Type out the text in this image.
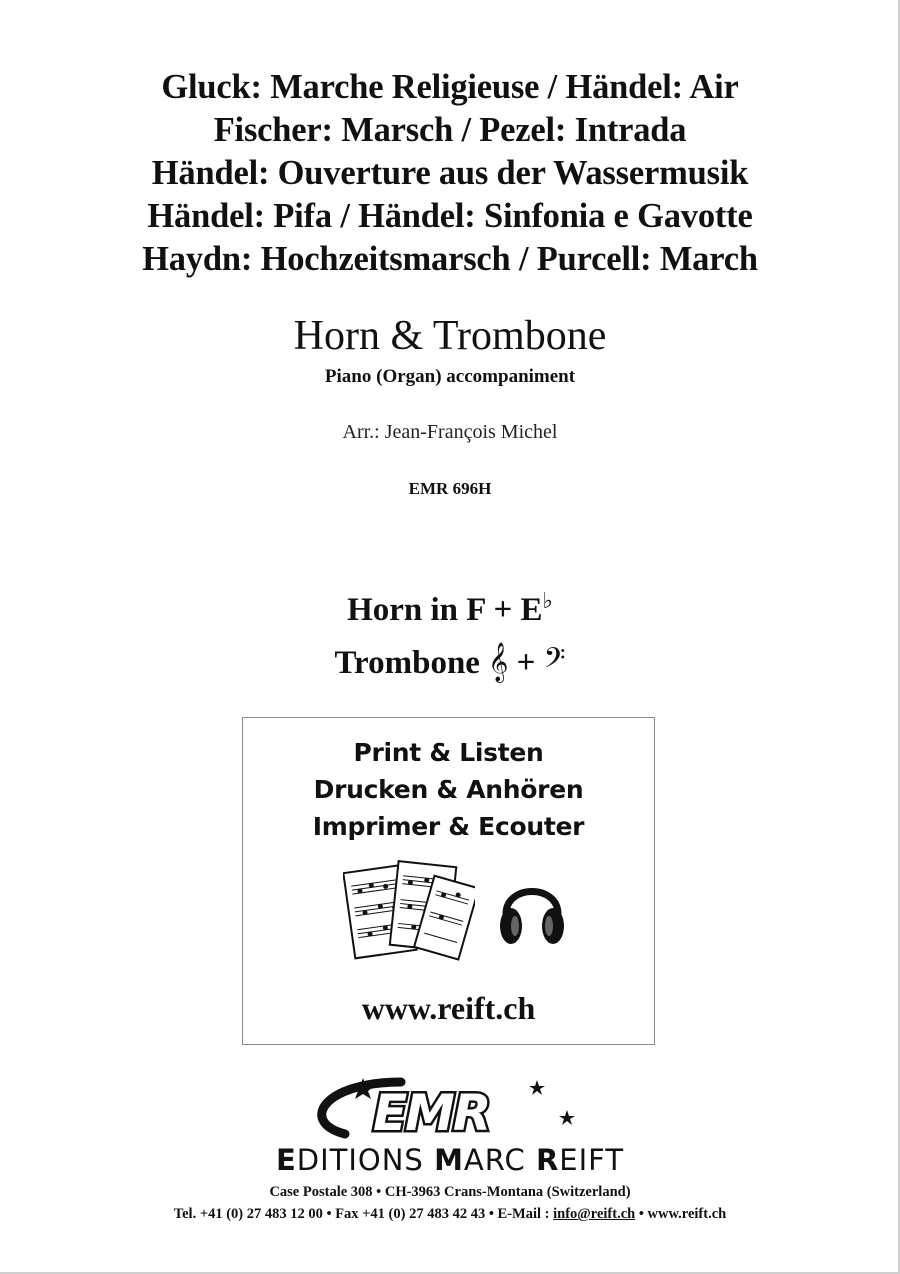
Gluck: Marche Religieuse / Händel: Air
Fischer: Marsch / Pezel: Intrada
Händel: Ouverture aus der Wassermusik
Händel: Pifa / Händel: Sinfonia e Gavotte
Haydn: Hochzeitsmarsch / Purcell: March
Horn & Trombone
Piano (Organ) accompaniment
Arr.: Jean-François Michel
EMR 696H
Horn in F + E♭
Trombone 𝄞 + 𝄢
Print & Listen
Drucken & Anhören
Imprimer & Ecouter
www.reift.ch
EMR
EDITIONS MARC REIFT
Case Postale 308 • CH-3963 Crans-Montana (Switzerland)
Tel. +41 (0) 27 483 12 00 • Fax +41 (0) 27 483 42 43 • E-Mail : info@reift.ch • www.reift.ch
